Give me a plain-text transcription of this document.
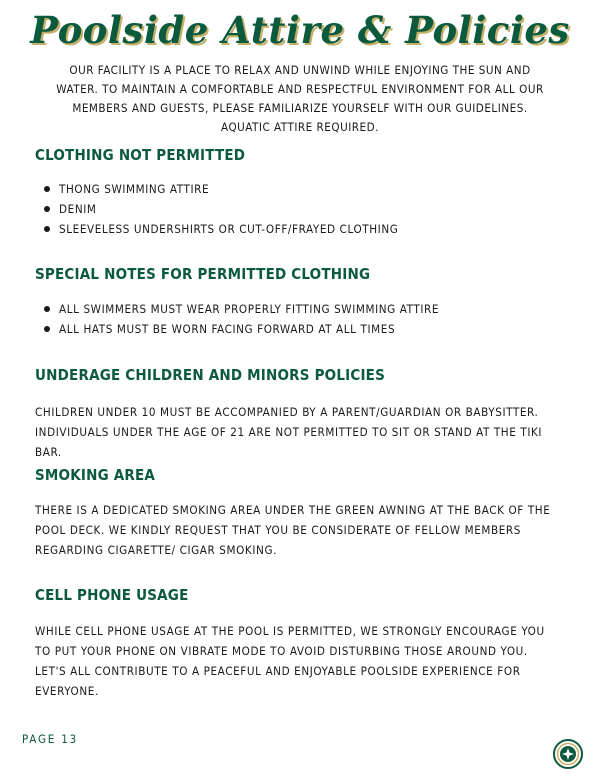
Poolside Attire & Policies

OUR FACILITY IS A PLACE TO RELAX AND UNWIND WHILE ENJOYING THE SUN AND WATER. TO MAINTAIN A COMFORTABLE AND RESPECTFUL ENVIRONMENT FOR ALL OUR MEMBERS AND GUESTS, PLEASE FAMILIARIZE YOURSELF WITH OUR GUIDELINES. AQUATIC ATTIRE REQUIRED.

CLOTHING NOT PERMITTED
THONG SWIMMING ATTIRE
DENIM
SLEEVELESS UNDERSHIRTS OR CUT-OFF/FRAYED CLOTHING
SPECIAL NOTES FOR PERMITTED CLOTHING
ALL SWIMMERS MUST WEAR PROPERLY FITTING SWIMMING ATTIRE
ALL HATS MUST BE WORN FACING FORWARD AT ALL TIMES
UNDERAGE CHILDREN AND MINORS POLICIES

CHILDREN UNDER 10 MUST BE ACCOMPANIED BY A PARENT/GUARDIAN OR BABYSITTER. INDIVIDUALS UNDER THE AGE OF 21 ARE NOT PERMITTED TO SIT OR STAND AT THE TIKI BAR.

SMOKING AREA

THERE IS A DEDICATED SMOKING AREA UNDER THE GREEN AWNING AT THE BACK OF THE POOL DECK. WE KINDLY REQUEST THAT YOU BE CONSIDERATE OF FELLOW MEMBERS REGARDING CIGARETTE/ CIGAR SMOKING.

CELL PHONE USAGE

WHILE CELL PHONE USAGE AT THE POOL IS PERMITTED, WE STRONGLY ENCOURAGE YOU TO PUT YOUR PHONE ON VIBRATE MODE TO AVOID DISTURBING THOSE AROUND YOU. LET'S ALL CONTRIBUTE TO A PEACEFUL AND ENJOYABLE POOLSIDE EXPERIENCE FOR EVERYONE.

PAGE 13
